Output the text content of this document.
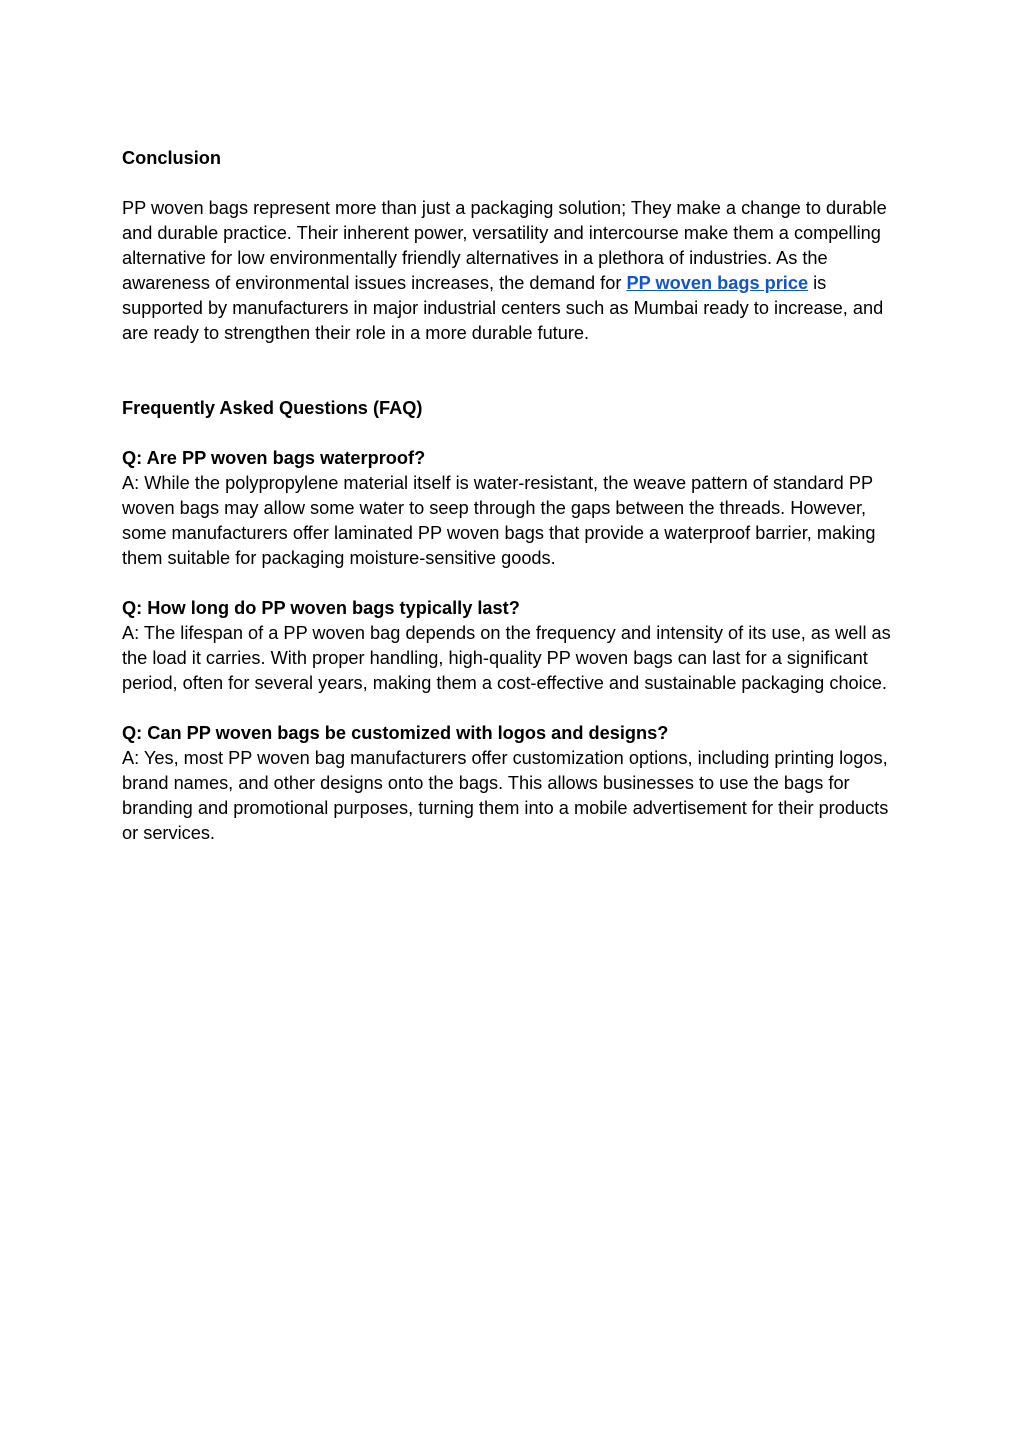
Conclusion

PP woven bags represent more than just a packaging solution; They make a change to durable and durable practice. Their inherent power, versatility and intercourse make them a compelling alternative for low environmentally friendly alternatives in a plethora of industries. As the awareness of environmental issues increases, the demand for PP woven bags price is supported by manufacturers in major industrial centers such as Mumbai ready to increase, and are ready to strengthen their role in a more durable future.

Frequently Asked Questions (FAQ)

Q: Are PP woven bags waterproof?

A: While the polypropylene material itself is water-resistant, the weave pattern of standard PP woven bags may allow some water to seep through the gaps between the threads. However, some manufacturers offer laminated PP woven bags that provide a waterproof barrier, making them suitable for packaging moisture-sensitive goods.

Q: How long do PP woven bags typically last?

A: The lifespan of a PP woven bag depends on the frequency and intensity of its use, as well as the load it carries. With proper handling, high-quality PP woven bags can last for a significant period, often for several years, making them a cost-effective and sustainable packaging choice.

Q: Can PP woven bags be customized with logos and designs?

A: Yes, most PP woven bag manufacturers offer customization options, including printing logos, brand names, and other designs onto the bags. This allows businesses to use the bags for branding and promotional purposes, turning them into a mobile advertisement for their products or services.
